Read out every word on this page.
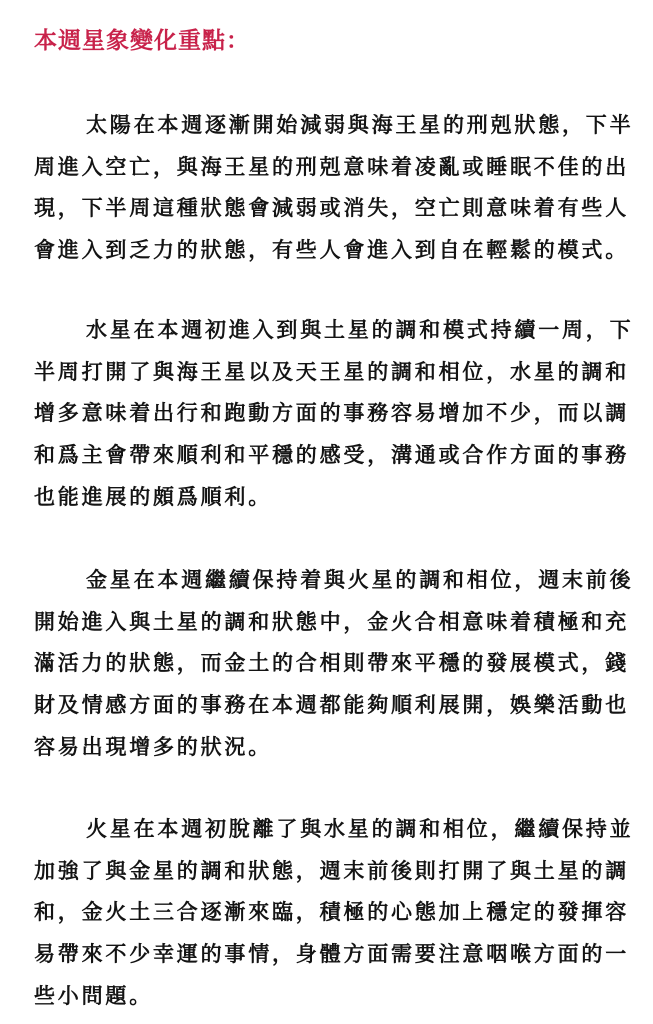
本週星象變化重點：
太陽在本週逐漸開始減弱與海王星的刑剋狀態，下半
周進入空亡，與海王星的刑剋意味着凌亂或睡眠不佳的出
現，下半周這種狀態會減弱或消失，空亡則意味着有些人
會進入到乏力的狀態，有些人會進入到自在輕鬆的模式。
水星在本週初進入到與土星的調和模式持續一周，下
半周打開了與海王星以及天王星的調和相位，水星的調和
增多意味着出行和跑動方面的事務容易增加不少，而以調
和爲主會帶來順利和平穩的感受，溝通或合作方面的事務
也能進展的頗爲順利。
金星在本週繼續保持着與火星的調和相位，週末前後
開始進入與土星的調和狀態中，金火合相意味着積極和充
滿活力的狀態，而金土的合相則帶來平穩的發展模式，錢
財及情感方面的事務在本週都能夠順利展開，娛樂活動也
容易出現增多的狀況。
火星在本週初脫離了與水星的調和相位，繼續保持並
加強了與金星的調和狀態，週末前後則打開了與土星的調
和，金火土三合逐漸來臨，積極的心態加上穩定的發揮容
易帶來不少幸運的事情，身體方面需要注意咽喉方面的一
些小問題。
